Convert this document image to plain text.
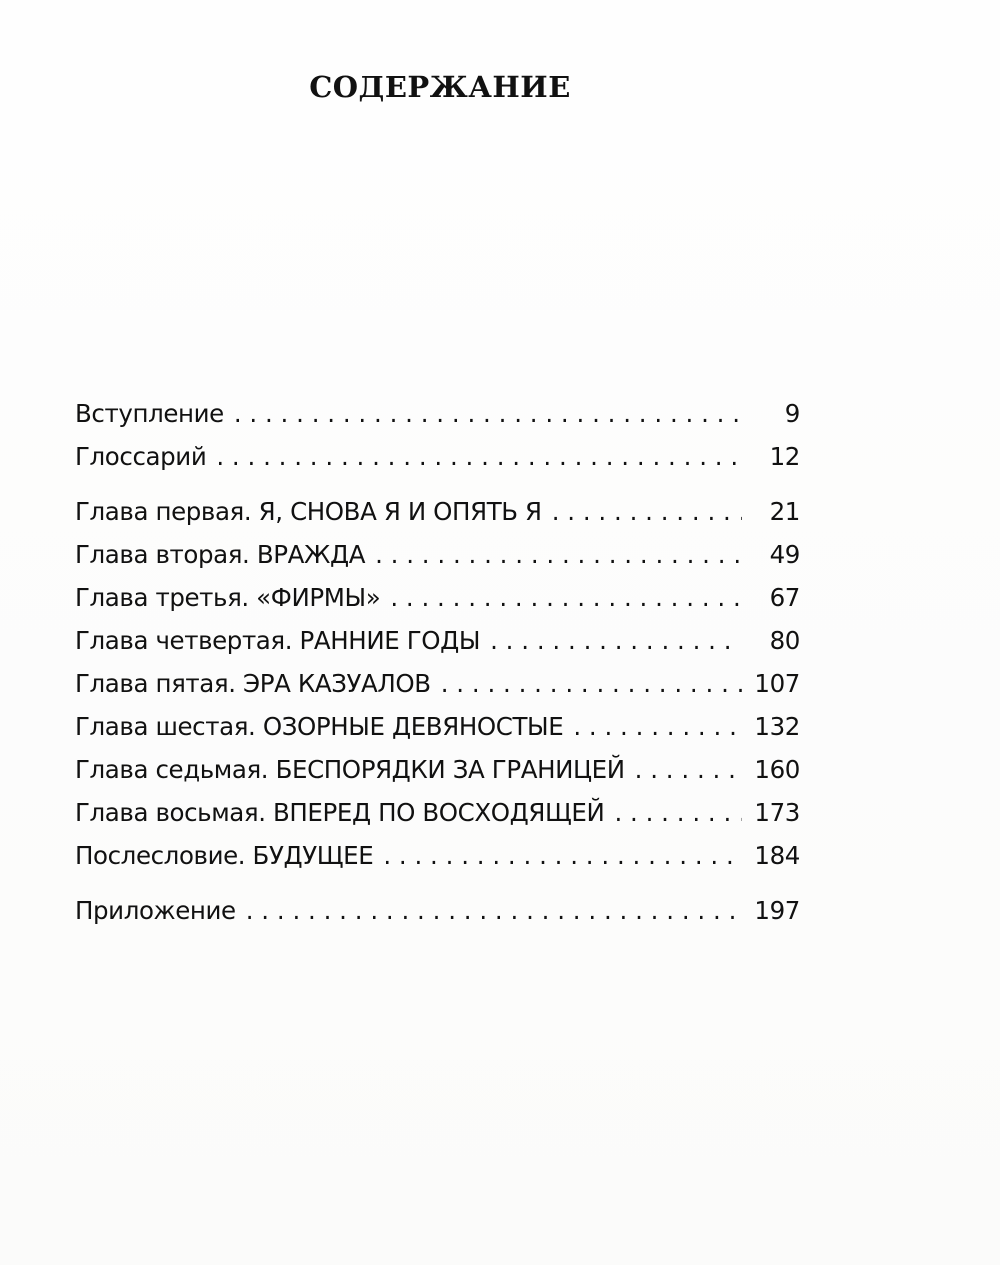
СОДЕРЖАНИЕ
Вступление . . .	9
Глоссарий . . .	12
Глава первая. Я, СНОВА Я И ОПЯТЬ Я . . .	21
Глава вторая. ВРАЖДА . . .	49
Глава третья. «ФИРМЫ» . . .	67
Глава четвертая. РАННИЕ ГОДЫ . . .	80
Глава пятая. ЭРА КАЗУАЛОВ . . .	107
Глава шестая. ОЗОРНЫЕ ДЕВЯНОСТЫЕ . . .	132
Глава седьмая. БЕСПОРЯДКИ ЗА ГРАНИЦЕЙ . . .	160
Глава восьмая. ВПЕРЕД ПО ВОСХОДЯЩЕЙ . . .	173
Послесловие. БУДУЩЕЕ . . .	184
Приложение . . .	197
